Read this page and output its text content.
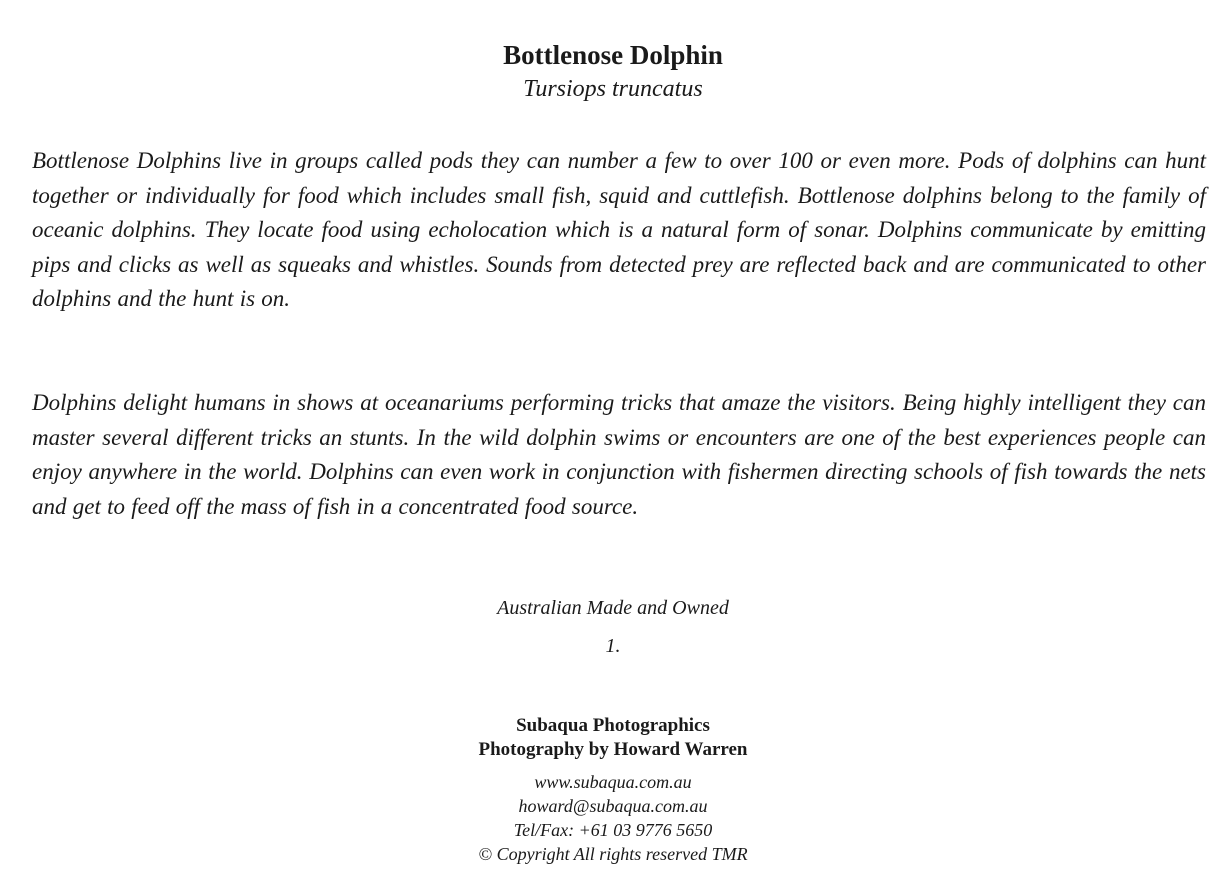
Bottlenose Dolphin
Tursiops truncatus

Bottlenose Dolphins live in groups called pods they can number a few to over 100 or even more. Pods of dolphins can hunt together or individually for food which includes small fish, squid and cuttlefish. Bottlenose dolphins belong to the family of oceanic dolphins. They locate food using echolocation which is a natural form of sonar. Dolphins communicate by emitting pips and clicks as well as squeaks and whistles. Sounds from detected prey are reflected back and are communicated to other dolphins and the hunt is on.

Dolphins delight humans in shows at oceanariums performing tricks that amaze the visitors. Being highly intelligent they can master several different tricks an stunts. In the wild dolphin swims or encounters are one of the best experiences people can enjoy anywhere in the world. Dolphins can even work in conjunction with fishermen directing schools of fish towards the nets and get to feed off the mass of fish in a concentrated food source.

Australian Made and Owned
1.
Subaqua Photographics
Photography by Howard Warren
www.subaqua.com.au
howard@subaqua.com.au
Tel/Fax: +61 03 9776 5650
© Copyright All rights reserved TMR
